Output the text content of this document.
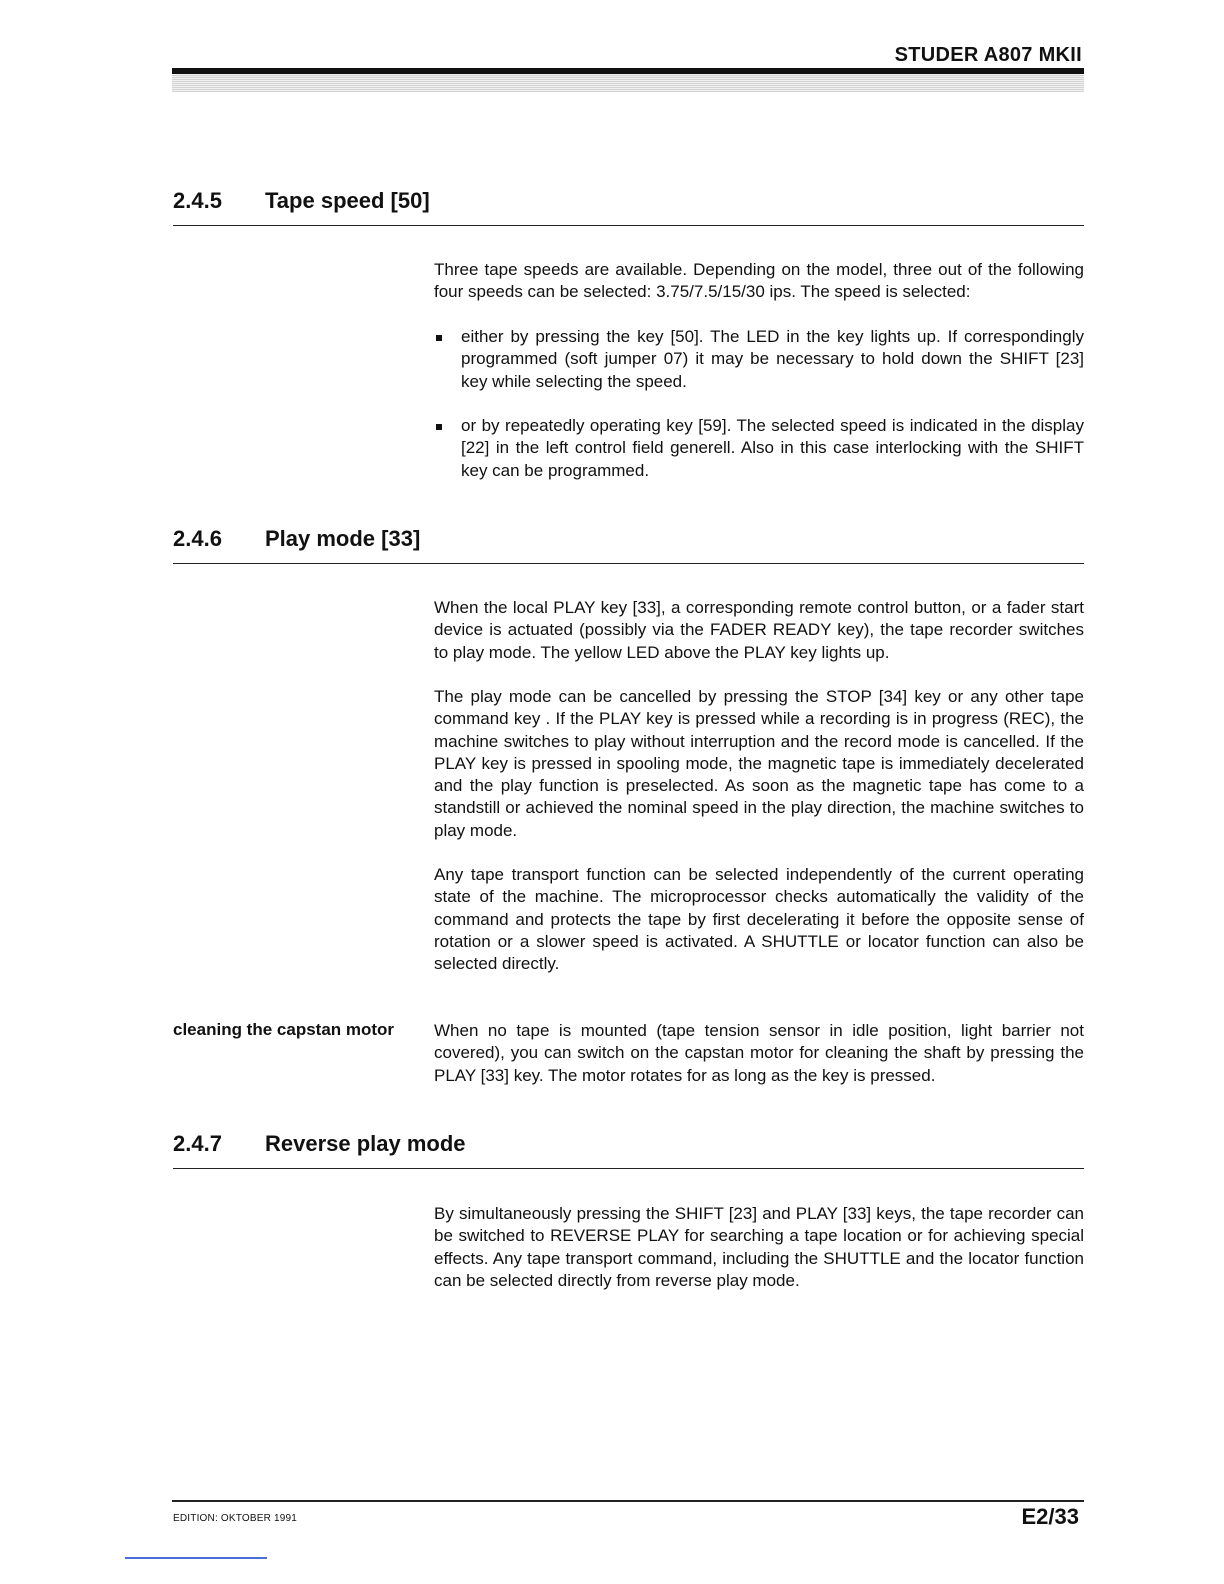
STUDER A807 MKII
2.4.5 Tape speed [50]

Three tape speeds are available. Depending on the model, three out of the following four speeds can be selected: 3.75/7.5/15/30 ips. The speed is selected:

either by pressing the key [50]. The LED in the key lights up. If correspondingly programmed (soft jumper 07) it may be necessary to hold down the SHIFT [23] key while selecting the speed.
or by repeatedly operating key [59]. The selected speed is indicated in the display [22] in the left control field generell. Also in this case interlocking with the SHIFT key can be programmed.
2.4.6 Play mode [33]

When the local PLAY key [33], a corresponding remote control button, or a fader start device is actuated (possibly via the FADER READY key), the tape recorder switches to play mode. The yellow LED above the PLAY key lights up.

The play mode can be cancelled by pressing the STOP [34] key or any other tape command key . If the PLAY key is pressed while a recording is in progress (REC), the machine switches to play without interruption and the record mode is cancelled. If the PLAY key is pressed in spooling mode, the magnetic tape is immediately decelerated and the play function is preselected. As soon as the magnetic tape has come to a standstill or achieved the nominal speed in the play direction, the machine switches to play mode.

Any tape transport function can be selected independently of the current operating state of the machine. The microprocessor checks automatically the validity of the command and protects the tape by first decelerating it before the opposite sense of rotation or a slower speed is activated. A SHUTTLE or locator function can also be selected directly.

cleaning the capstan motor When no tape is mounted (tape tension sensor in idle position, light barrier not covered), you can switch on the capstan motor for cleaning the shaft by pressing the PLAY [33] key. The motor rotates for as long as the key is pressed.

2.4.7 Reverse play mode

By simultaneously pressing the SHIFT [23] and PLAY [33] keys, the tape recorder can be switched to REVERSE PLAY for searching a tape location or for achieving special effects. Any tape transport command, including the SHUTTLE and the locator function can be selected directly from reverse play mode.

EDITION: OKTOBER 1991	E2/33
